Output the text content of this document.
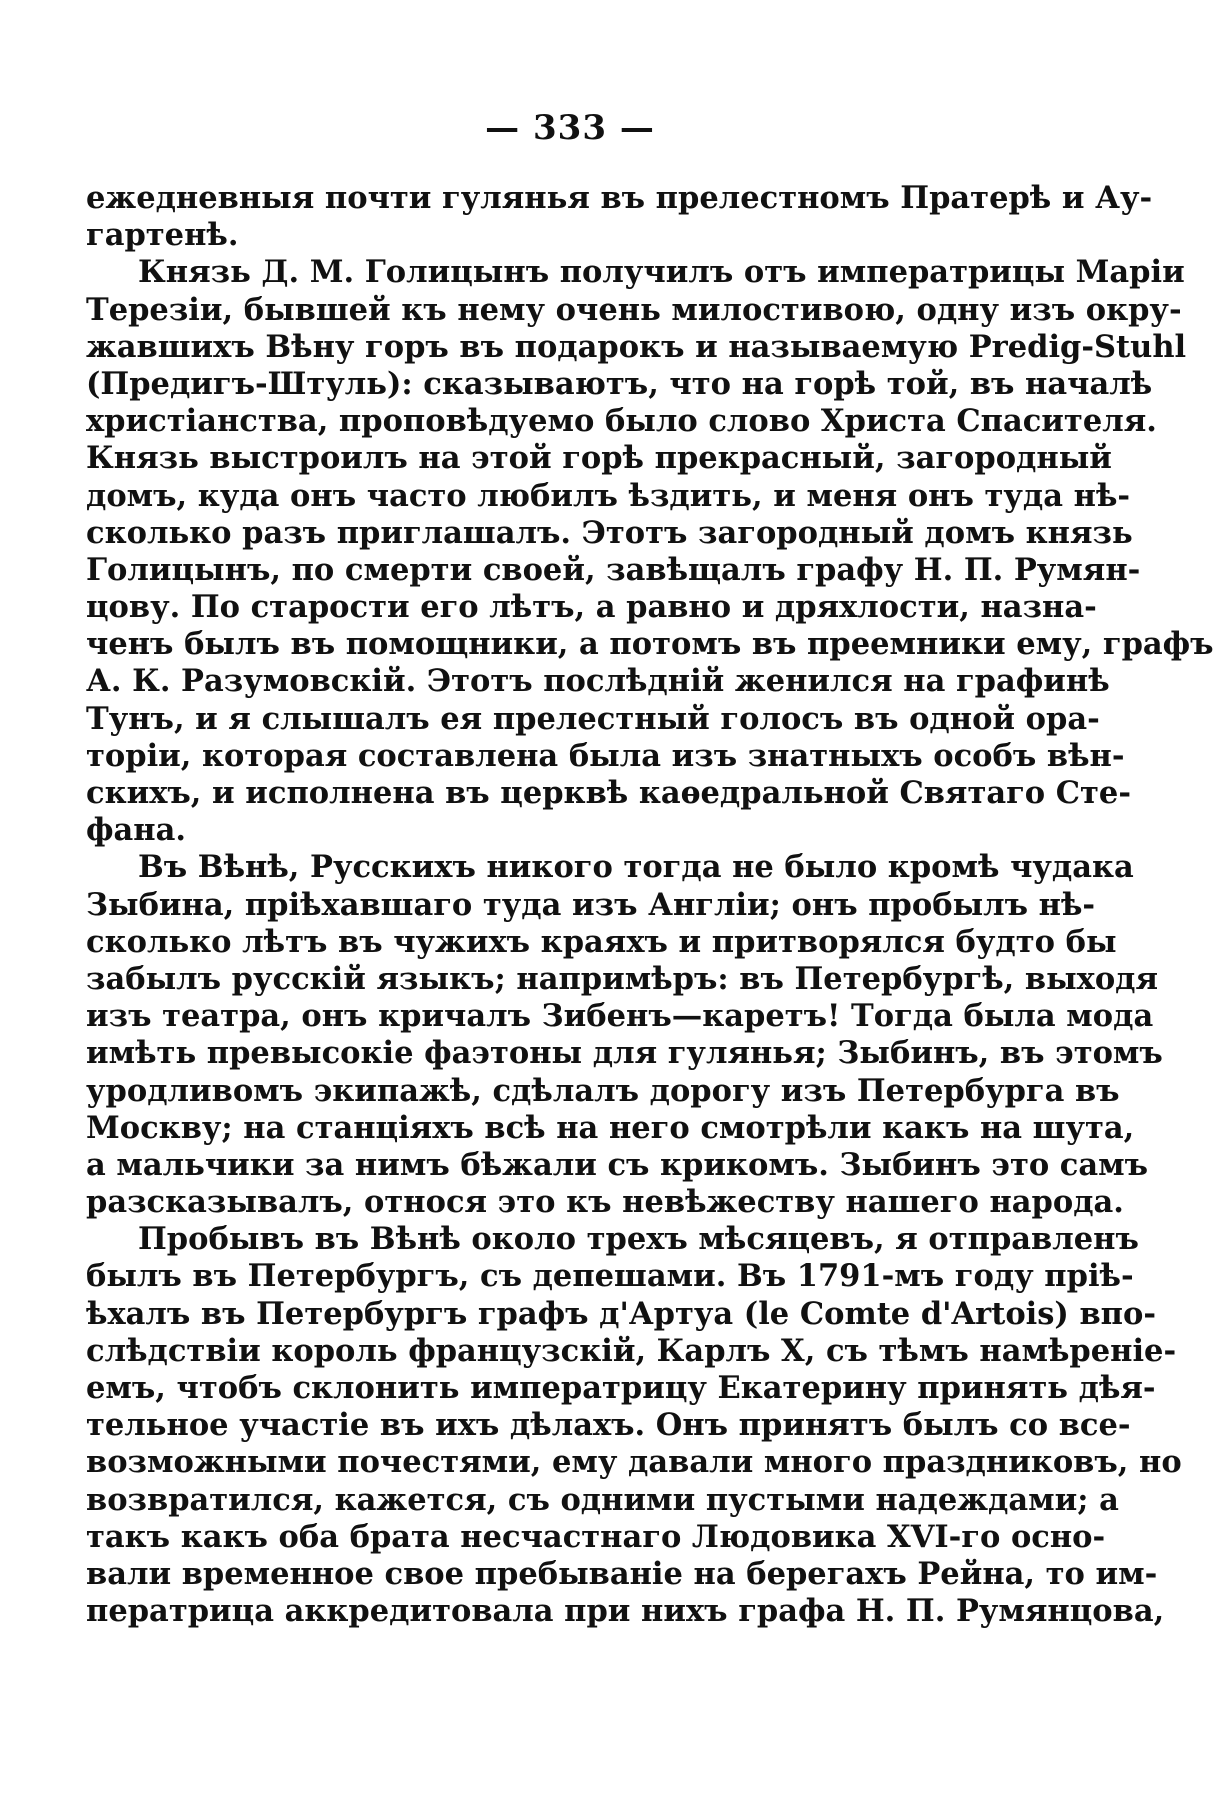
— 333 —
ежедневныя почти гулянья въ прелестномъ Пратерѣ и Ау-
гартенѣ.
Князь Д. М. Голицынъ получилъ отъ императрицы Маріи
Терезіи, бывшей къ нему очень милостивою, одну изъ окру-
жавшихъ Вѣну горъ въ подарокъ и называемую Predig-Stuhl
(Предигъ-Штуль): сказываютъ, что на горѣ той, въ началѣ
христіанства, проповѣдуемо было слово Христа Спасителя.
Князь выстроилъ на этой горѣ прекрасный, загородный
домъ, куда онъ часто любилъ ѣздить, и меня онъ туда нѣ-
сколько разъ приглашалъ. Этотъ загородный домъ князь
Голицынъ, по смерти своей, завѣщалъ графу Н. П. Румян-
цову. По старости его лѣтъ, а равно и дряхлости, назна-
ченъ былъ въ помощники, а потомъ въ преемники ему, графъ
А. К. Разумовскій. Этотъ послѣдній женился на графинѣ
Тунъ, и я слышалъ ея прелестный голосъ въ одной ора-
торіи, которая составлена была изъ знатныхъ особъ вѣн-
скихъ, и исполнена въ церквѣ каѳедральной Святаго Сте-
фана.
Въ Вѣнѣ, Русскихъ никого тогда не было кромѣ чудака
Зыбина, пріѣхавшаго туда изъ Англіи; онъ пробылъ нѣ-
сколько лѣтъ въ чужихъ краяхъ и притворялся будто бы
забылъ русскій языкъ; напримѣръ: въ Петербургѣ, выходя
изъ театра, онъ кричалъ Зибенъ—каретъ! Тогда была мода
имѣть превысокіе фаэтоны для гулянья; Зыбинъ, въ этомъ
уродливомъ экипажѣ, сдѣлалъ дорогу изъ Петербурга въ
Москву; на станціяхъ всѣ на него смотрѣли какъ на шута,
а мальчики за нимъ бѣжали съ крикомъ. Зыбинъ это самъ
разсказывалъ, относя это къ невѣжеству нашего народа.
Пробывъ въ Вѣнѣ около трехъ мѣсяцевъ, я отправленъ
былъ въ Петербургъ, съ депешами. Въ 1791-мъ году пріѣ-
ѣхалъ въ Петербургъ графъ д'Артуа (le Comte d'Artois) впо-
слѣдствіи король французскій, Карлъ X, съ тѣмъ намѣреніе-
емъ, чтобъ склонить императрицу Екатерину принять дѣя-
тельное участіе въ ихъ дѣлахъ. Онъ принятъ былъ со все-
возможными почестями, ему давали много праздниковъ, но
возвратился, кажется, съ одними пустыми надеждами; а
такъ какъ оба брата несчастнаго Людовика XVI-го осно-
вали временное свое пребываніе на берегахъ Рейна, то им-
ператрица аккредитовала при нихъ графа Н. П. Румянцова,
